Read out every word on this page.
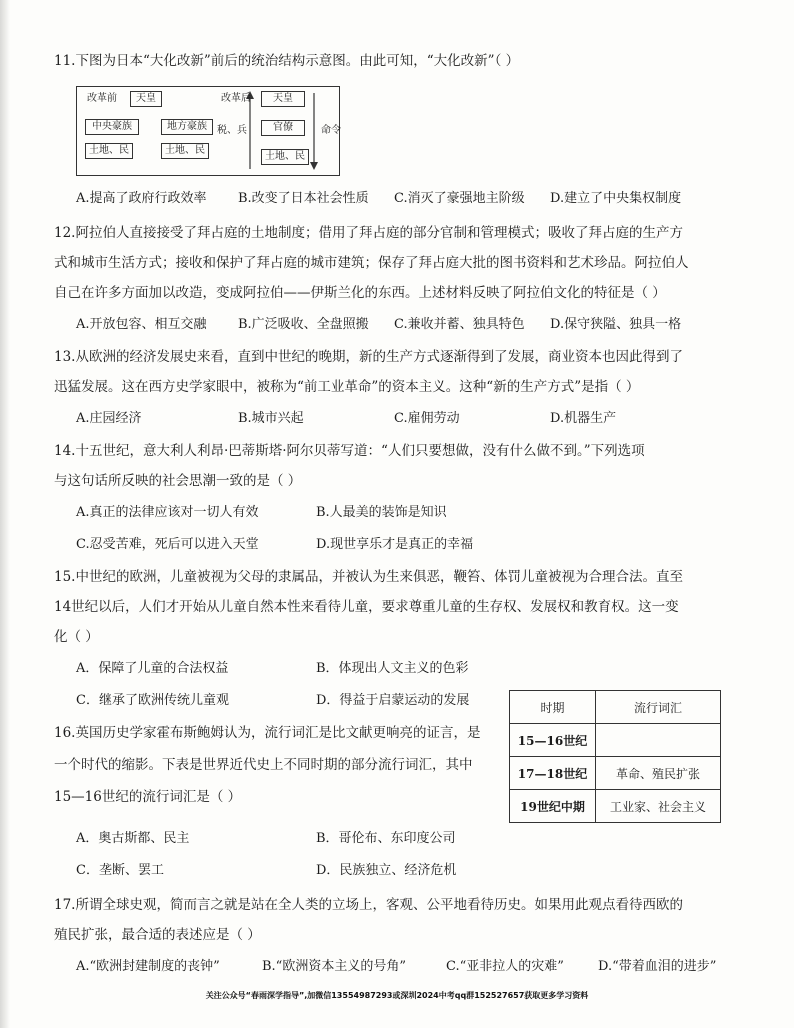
11.下图为日本“大化改新”前后的统治结构示意图。由此可知，“大化改新”（ ）
改革前	天皇
中央豪族	地方豪族
土地、民	土地、民
税、兵
改革后	天皇
官僚
土地、民
命令
A.提高了政府行政效率 B.改变了日本社会性质 C.消灭了豪强地主阶级 D.建立了中央集权制度
12.阿拉伯人直接接受了拜占庭的土地制度；借用了拜占庭的部分官制和管理模式；吸收了拜占庭的生产方
式和城市生活方式；接收和保护了拜占庭的城市建筑；保存了拜占庭大批的图书资料和艺术珍品。阿拉伯人
自己在许多方面加以改造，变成阿拉伯——伊斯兰化的东西。上述材料反映了阿拉伯文化的特征是（ ）
A.开放包容、相互交融 B.广泛吸收、全盘照搬 C.兼收并蓄、独具特色 D.保守狭隘、独具一格
13.从欧洲的经济发展史来看，直到中世纪的晚期，新的生产方式逐渐得到了发展，商业资本也因此得到了
迅猛发展。这在西方史学家眼中，被称为“前工业革命”的资本主义。这种“新的生产方式”是指（ ）
A.庄园经济	B.城市兴起	C.雇佣劳动	D.机器生产
14.十五世纪，意大利人利昂·巴蒂斯塔·阿尔贝蒂写道：“人们只要想做，没有什么做不到。”下列选项
与这句话所反映的社会思潮一致的是（ ）
A.真正的法律应该对一切人有效	B.人最美的装饰是知识
C.忍受苦难，死后可以进入天堂	D.现世享乐才是真正的幸福
15.中世纪的欧洲，儿童被视为父母的隶属品，并被认为生来俱恶，鞭笞、体罚儿童被视为合理合法。直至
14世纪以后，人们才开始从儿童自然本性来看待儿童，要求尊重儿童的生存权、发展权和教育权。这一变
化（ ）
A．保障了儿童的合法权益	B．体现出人文主义的色彩
C．继承了欧洲传统儿童观	D．得益于启蒙运动的发展
16.英国历史学家霍布斯鲍姆认为，流行词汇是比文献更响亮的证言，是
一个时代的缩影。下表是世界近代史上不同时期的部分流行词汇，其中
15—16世纪的流行词汇是（ ）
时期	流行词汇
15—16世纪	
17—18世纪	革命、殖民扩张
19世纪中期	工业家、社会主义
A．奥古斯都、民主	B．哥伦布、东印度公司
C．垄断、罢工	D．民族独立、经济危机
17.所谓全球史观，简而言之就是站在全人类的立场上，客观、公平地看待历史。如果用此观点看待西欧的
殖民扩张，最合适的表述应是（ ）
A.“欧洲封建制度的丧钟”	B.“欧洲资本主义的号角”	C.“亚非拉人的灾难”	D.“带着血泪的进步”
关注公众号“春雨深学指导”,加微信13554987293或深圳2024中考qq群152527657获取更多学习资料
